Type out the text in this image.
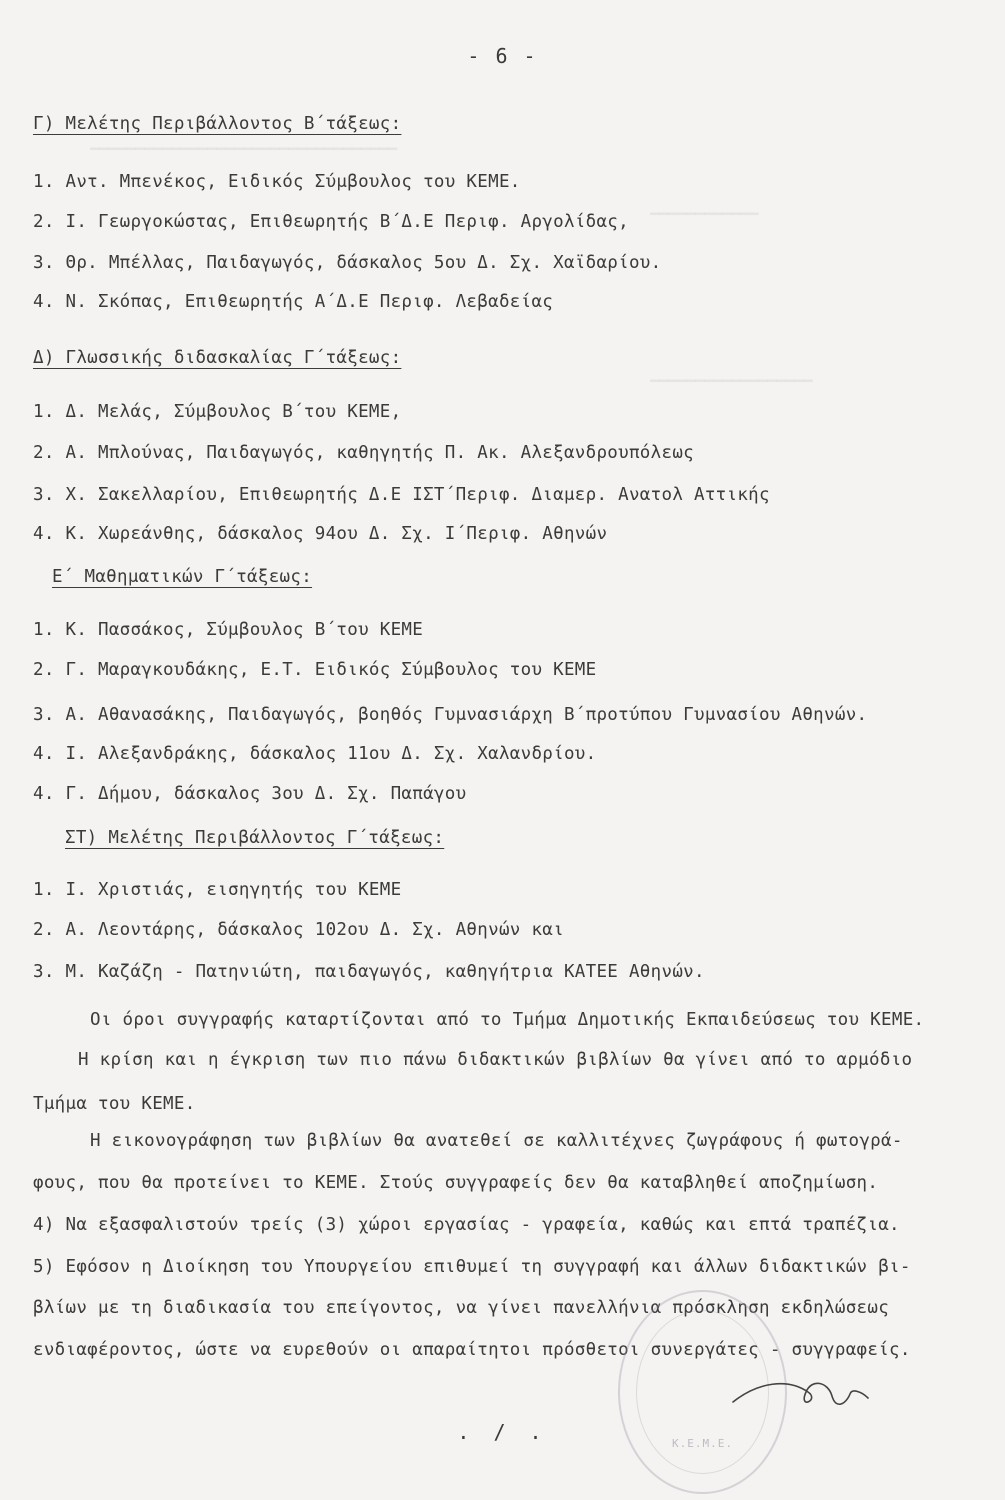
━━━━━━━━━━━━━━━━━━━━━━━━━━━━━━━━━━
━━━━━━━━━━━━
━━━━━━━━━━━━━━━━━━
- 6 -
Γ) Μελέτης Περιβάλλοντος Β΄τάξεως:
1. Αντ. Μπενέκος, Ειδικός Σύμβουλος του ΚΕΜΕ.
2. Ι. Γεωργοκώστας, Επιθεωρητής Β΄Δ.Ε Περιφ. Αργολίδας,
3. Θρ. Μπέλλας, Παιδαγωγός, δάσκαλος 5ου Δ. Σχ. Χαϊδαρίου.
4. Ν. Σκόπας, Επιθεωρητής Α΄Δ.Ε Περιφ. Λεβαδείας
Δ) Γλωσσικής διδασκαλίας Γ΄τάξεως:
1. Δ. Μελάς, Σύμβουλος Β΄του ΚΕΜΕ,
2. Α. Μπλούνας, Παιδαγωγός, καθηγητής Π. Ακ. Αλεξανδρουπόλεως
3. Χ. Σακελλαρίου, Επιθεωρητής Δ.Ε ΙΣΤ΄Περιφ. Διαμερ. Ανατολ Αττικής
4. Κ. Χωρεάνθης, δάσκαλος 94ου Δ. Σχ. Ι΄Περιφ. Αθηνών
Ε΄ Μαθηματικών Γ΄τάξεως:
1. Κ. Πασσάκος, Σύμβουλος Β΄του ΚΕΜΕ
2. Γ. Μαραγκουδάκης, Ε.Τ. Ειδικός Σύμβουλος του ΚΕΜΕ
3. Α. Αθανασάκης, Παιδαγωγός, βοηθός Γυμνασιάρχη Β΄προτύπου Γυμνασίου Αθηνών.
4. Ι. Αλεξανδράκης, δάσκαλος 11ου Δ. Σχ. Χαλανδρίου.
4. Γ. Δήμου, δάσκαλος 3ου Δ. Σχ. Παπάγου
ΣΤ) Μελέτης Περιβάλλοντος Γ΄τάξεως:
1. Ι. Χριστιάς, εισηγητής του ΚΕΜΕ
2. Α. Λεοντάρης, δάσκαλος 102ου Δ. Σχ. Αθηνών και
3. Μ. Καζάζη - Πατηνιώτη, παιδαγωγός, καθηγήτρια ΚΑΤΕΕ Αθηνών.
Οι όροι συγγραφής καταρτίζονται από το Τμήμα Δημοτικής Εκπαιδεύσεως του ΚΕΜΕ.
Η κρίση και η έγκριση των πιο πάνω διδακτικών βιβλίων θα γίνει από το αρμόδιο
Τμήμα του ΚΕΜΕ.
Η εικονογράφηση των βιβλίων θα ανατεθεί σε καλλιτέχνες ζωγράφους ή φωτογρά-
φους, που θα προτείνει το ΚΕΜΕ. Στούς συγγραφείς δεν θα καταβληθεί αποζημίωση.
4) Να εξασφαλιστούν τρείς (3) χώροι εργασίας - γραφεία, καθώς και επτά τραπέζια.
5) Εφόσον η Διοίκηση του Υπουργείου επιθυμεί τη συγγραφή και άλλων διδακτικών βι-
βλίων με τη διαδικασία του επείγοντος, να γίνει πανελλήνια πρόσκληση εκδηλώσεως
ενδιαφέροντος, ώστε να ευρεθούν οι απαραίτητοι πρόσθετοι συνεργάτες - συγγραφείς.
Κ.Ε.Μ.Ε.
. / .
